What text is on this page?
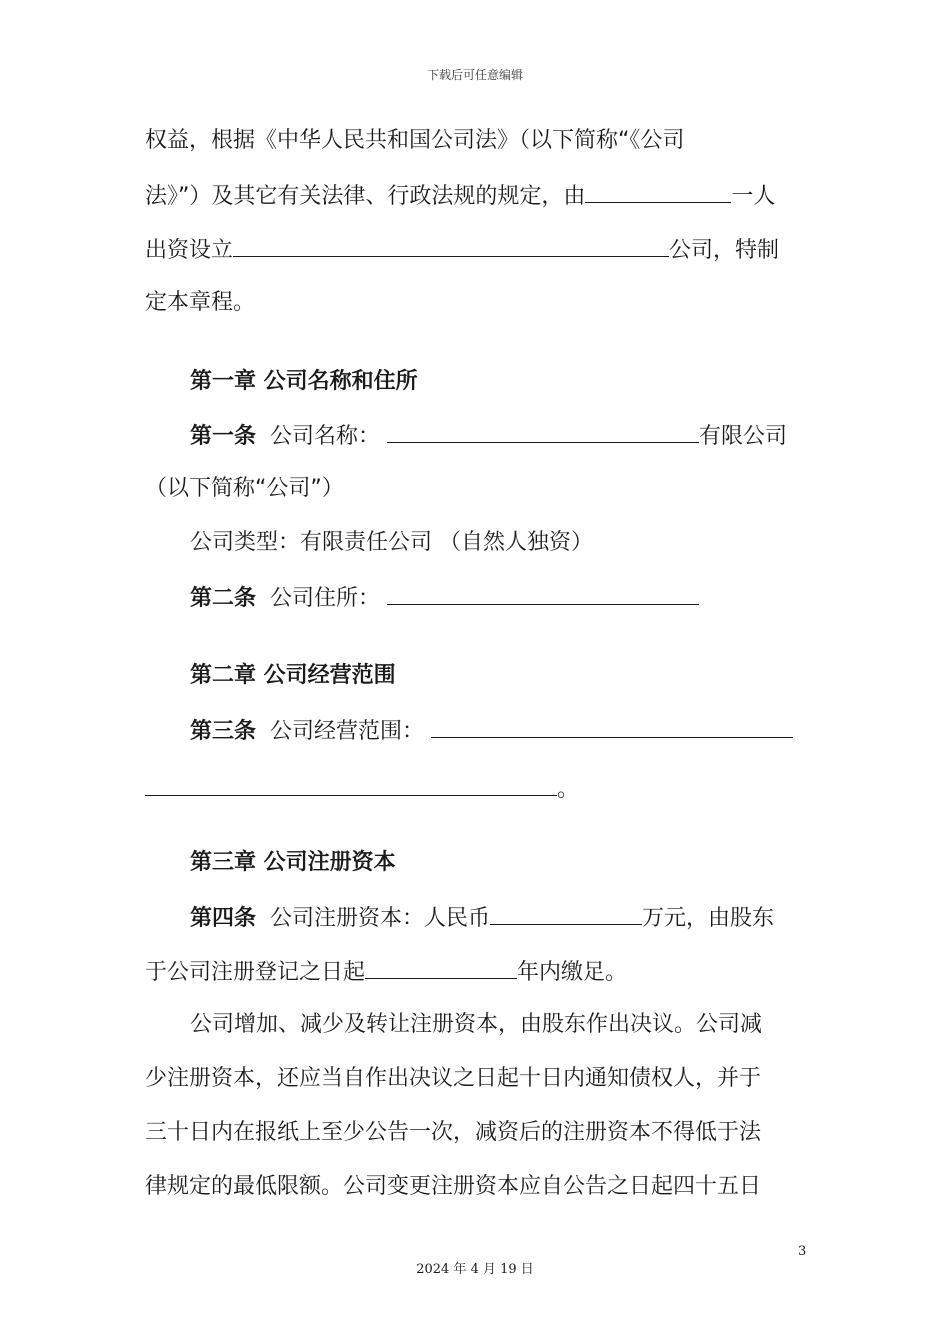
下载后可任意编辑
权益，根据《中华人民共和国公司法》（以下简称“《公司
法》”）及其它有关法律、行政法规的规定，由	一人
出资设立	公司，特制
定本章程。
第一章 公司名称和住所
第一条 公司名称：	有限公司
（以下简称“公司”）
公司类型：有限责任公司 （自然人独资）
第二条 公司住所：
第二章 公司经营范围
第三条 公司经营范围：
。
第三章 公司注册资本
第四条 公司注册资本：人民币	万元，由股东
于公司注册登记之日起	年内缴足。
公司增加、减少及转让注册资本，由股东作出决议。公司减
少注册资本，还应当自作出决议之日起十日内通知债权人，并于
三十日内在报纸上至少公告一次，减资后的注册资本不得低于法
律规定的最低限额。公司变更注册资本应自公告之日起四十五日
3
2024 年 4 月 19 日
